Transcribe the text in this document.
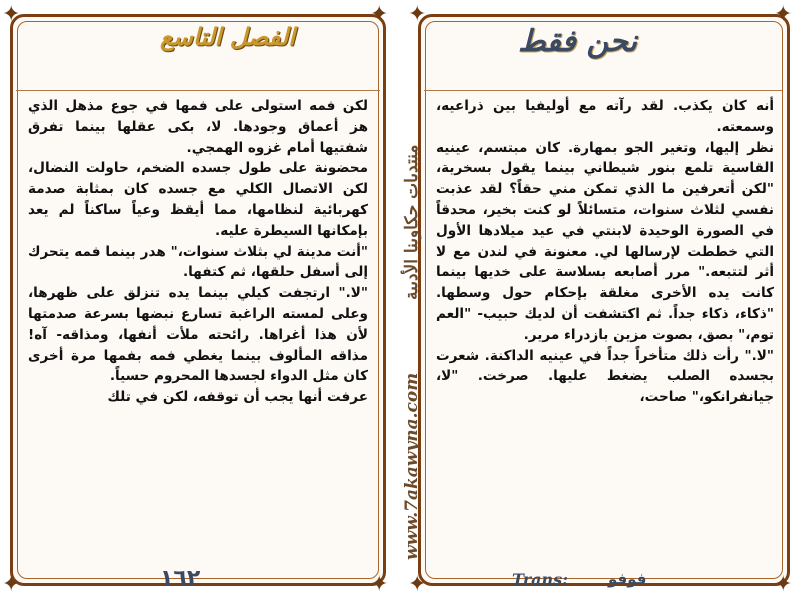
✦	✦
✦	✦
✦	✦
✦	✦
نحن فقط
الفصل التاسع

أنه كان يكذب. لقد رآته مع أوليفيا بين ذراعيه، وسمعته.

نظر إليها، وتغير الجو بمهارة. كان مبتسم، عينيه القاسية تلمع بنور شيطاني بينما يقول بسخرية، "لكن أتعرفين ما الذي تمكن مني حقاً؟ لقد عذبت نفسي لثلاث سنوات، متسائلاً لو كنت بخير، محدقاً في الصورة الوحيدة لابنتي في عيد ميلادها الأول التي خططت لإرسالها لي. معنونة في لندن مع لا أثر لتتبعه." مرر أصابعه بسلاسة على خديها بينما كانت يده الأخرى مغلقة بإحكام حول وسطها. "ذكاء، ذكاء جداً. ثم اكتشفت أن لديك حبيب- "العم توم،" بصق، بصوت مزين بازدراء مرير.

"لا." رأت ذلك متأخراً جداً في عينيه الداكنة. شعرت بجسده الصلب يضغط عليها. صرخت. "لا، جيانفرانكو،" صاحت،

لكن فمه استولى على فمها في جوع مذهل الذي هز أعماق وجودها. لا، بكى عقلها بينما تفرق شفتيها أمام غزوه الهمجي.

محضونة على طول جسده الضخم، حاولت النضال، لكن الاتصال الكلي مع جسده كان بمثابة صدمة كهربائية لنظامها، مما أيقظ وعياً ساكناً لم يعد بإمكانها السيطرة عليه.

"أنت مدينة لي بثلاث سنوات،" هدر بينما فمه يتحرك إلى أسفل حلقها، ثم كتفها.

"لا." ارتجفت كيلي بينما يده تنزلق على ظهرها، وعلى لمسته الراغبة تسارع نبضها بسرعة صدمتها لأن هذا أغراها. رائحته ملأت أنفها، ومذاقه- آه! مذاقه المألوف بينما يغطي فمه بفمها مرة أخرى كان مثل الدواء لجسدها المحروم حسياً.

عرفت أنها يجب أن توقفه، لكن في تلك www.7akawyna.com
منتديات حكاوينا الأدبية
١٦٢	Trans:	فوفو
